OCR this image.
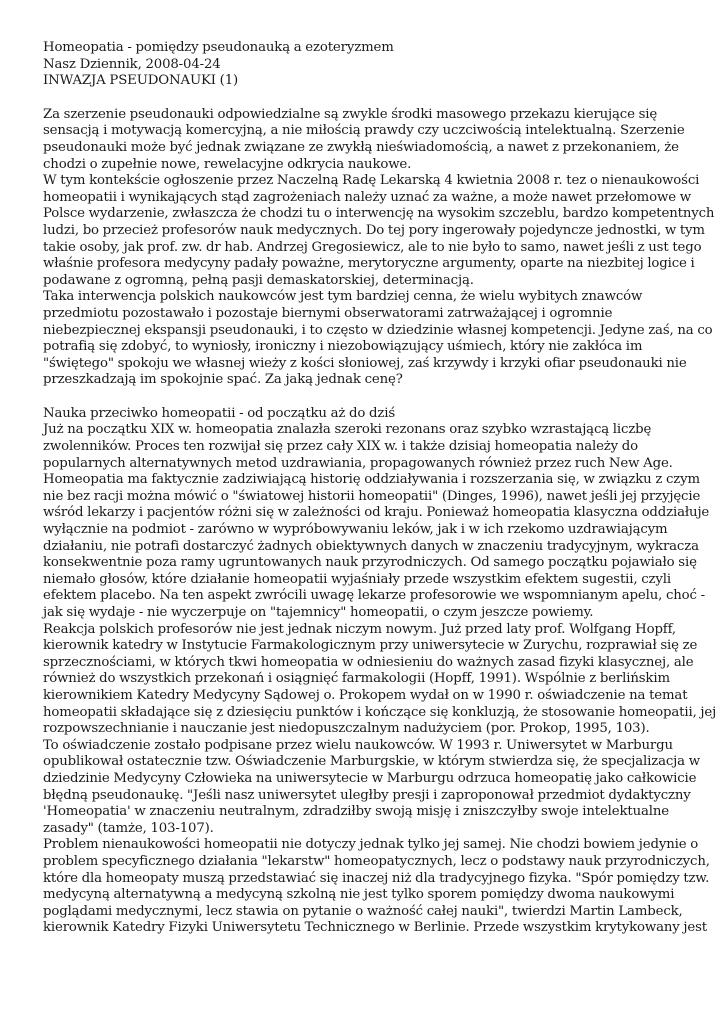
Homeopatia - pomiędzy pseudonauką a ezoteryzmem
Nasz Dziennik, 2008-04-24
INWAZJA PSEUDONAUKI (1)
Za szerzenie pseudonauki odpowiedzialne są zwykle środki masowego przekazu kierujące się
sensacją i motywacją komercyjną, a nie miłością prawdy czy uczciwością intelektualną. Szerzenie
pseudonauki może być jednak związane ze zwykłą nieświadomością, a nawet z przekonaniem, że
chodzi o zupełnie nowe, rewelacyjne odkrycia naukowe.
W tym kontekście ogłoszenie przez Naczelną Radę Lekarską 4 kwietnia 2008 r. tez o nienaukowości
homeopatii i wynikających stąd zagrożeniach należy uznać za ważne, a może nawet przełomowe w
Polsce wydarzenie, zwłaszcza że chodzi tu o interwencję na wysokim szczeblu, bardzo kompetentnych
ludzi, bo przecież profesorów nauk medycznych. Do tej pory ingerowały pojedyncze jednostki, w tym
takie osoby, jak prof. zw. dr hab. Andrzej Gregosiewicz, ale to nie było to samo, nawet jeśli z ust tego
właśnie profesora medycyny padały poważne, merytoryczne argumenty, oparte na niezbitej logice i
podawane z ogromną, pełną pasji demaskatorskiej, determinacją.
Taka interwencja polskich naukowców jest tym bardziej cenna, że wielu wybitych znawców
przedmiotu pozostawało i pozostaje biernymi obserwatorami zatrważającej i ogromnie
niebezpiecznej ekspansji pseudonauki, i to często w dziedzinie własnej kompetencji. Jedyne zaś, na co
potrafią się zdobyć, to wyniosły, ironiczny i niezobowiązujący uśmiech, który nie zakłóca im
"świętego" spokoju we własnej wieży z kości słoniowej, zaś krzywdy i krzyki ofiar pseudonauki nie
przeszkadzają im spokojnie spać. Za jaką jednak cenę?
Nauka przeciwko homeopatii - od początku aż do dziś
Już na początku XIX w. homeopatia znalazła szeroki rezonans oraz szybko wzrastającą liczbę
zwolenników. Proces ten rozwijał się przez cały XIX w. i także dzisiaj homeopatia należy do
popularnych alternatywnych metod uzdrawiania, propagowanych również przez ruch New Age.
Homeopatia ma faktycznie zadziwiającą historię oddziaływania i rozszerzania się, w związku z czym
nie bez racji można mówić o "światowej historii homeopatii" (Dinges, 1996), nawet jeśli jej przyjęcie
wśród lekarzy i pacjentów różni się w zależności od kraju. Ponieważ homeopatia klasyczna oddziałuje
wyłącznie na podmiot - zarówno w wypróbowywaniu leków, jak i w ich rzekomo uzdrawiającym
działaniu, nie potrafi dostarczyć żadnych obiektywnych danych w znaczeniu tradycyjnym, wykracza
konsekwentnie poza ramy ugruntowanych nauk przyrodniczych. Od samego początku pojawiało się
niemało głosów, które działanie homeopatii wyjaśniały przede wszystkim efektem sugestii, czyli
efektem placebo. Na ten aspekt zwrócili uwagę lekarze profesorowie we wspomnianym apelu, choć -
jak się wydaje - nie wyczerpuje on "tajemnicy" homeopatii, o czym jeszcze powiemy.
Reakcja polskich profesorów nie jest jednak niczym nowym. Już przed laty prof. Wolfgang Hopff,
kierownik katedry w Instytucie Farmakologicznym przy uniwersytecie w Zurychu, rozprawiał się ze
sprzecznościami, w których tkwi homeopatia w odniesieniu do ważnych zasad fizyki klasycznej, ale
również do wszystkich przekonań i osiągnięć farmakologii (Hopff, 1991). Wspólnie z berlińskim
kierownikiem Katedry Medycyny Sądowej o. Prokopem wydał on w 1990 r. oświadczenie na temat
homeopatii składające się z dziesięciu punktów i kończące się konkluzją, że stosowanie homeopatii, jej
rozpowszechnianie i nauczanie jest niedopuszczalnym nadużyciem (por. Prokop, 1995, 103).
To oświadczenie zostało podpisane przez wielu naukowców. W 1993 r. Uniwersytet w Marburgu
opublikował ostatecznie tzw. Oświadczenie Marburgskie, w którym stwierdza się, że specjalizacja w
dziedzinie Medycyny Człowieka na uniwersytecie w Marburgu odrzuca homeopatię jako całkowicie
błędną pseudonaukę. "Jeśli nasz uniwersytet uległby presji i zaproponował przedmiot dydaktyczny
'Homeopatia' w znaczeniu neutralnym, zdradziłby swoją misję i zniszczyłby swoje intelektualne
zasady" (tamże, 103-107).
Problem nienaukowości homeopatii nie dotyczy jednak tylko jej samej. Nie chodzi bowiem jedynie o
problem specyficznego działania "lekarstw" homeopatycznych, lecz o podstawy nauk przyrodniczych,
które dla homeopaty muszą przedstawiać się inaczej niż dla tradycyjnego fizyka. "Spór pomiędzy tzw.
medycyną alternatywną a medycyną szkolną nie jest tylko sporem pomiędzy dwoma naukowymi
poglądami medycznymi, lecz stawia on pytanie o ważność całej nauki", twierdzi Martin Lambeck,
kierownik Katedry Fizyki Uniwersytetu Technicznego w Berlinie. Przede wszystkim krytykowany jest
